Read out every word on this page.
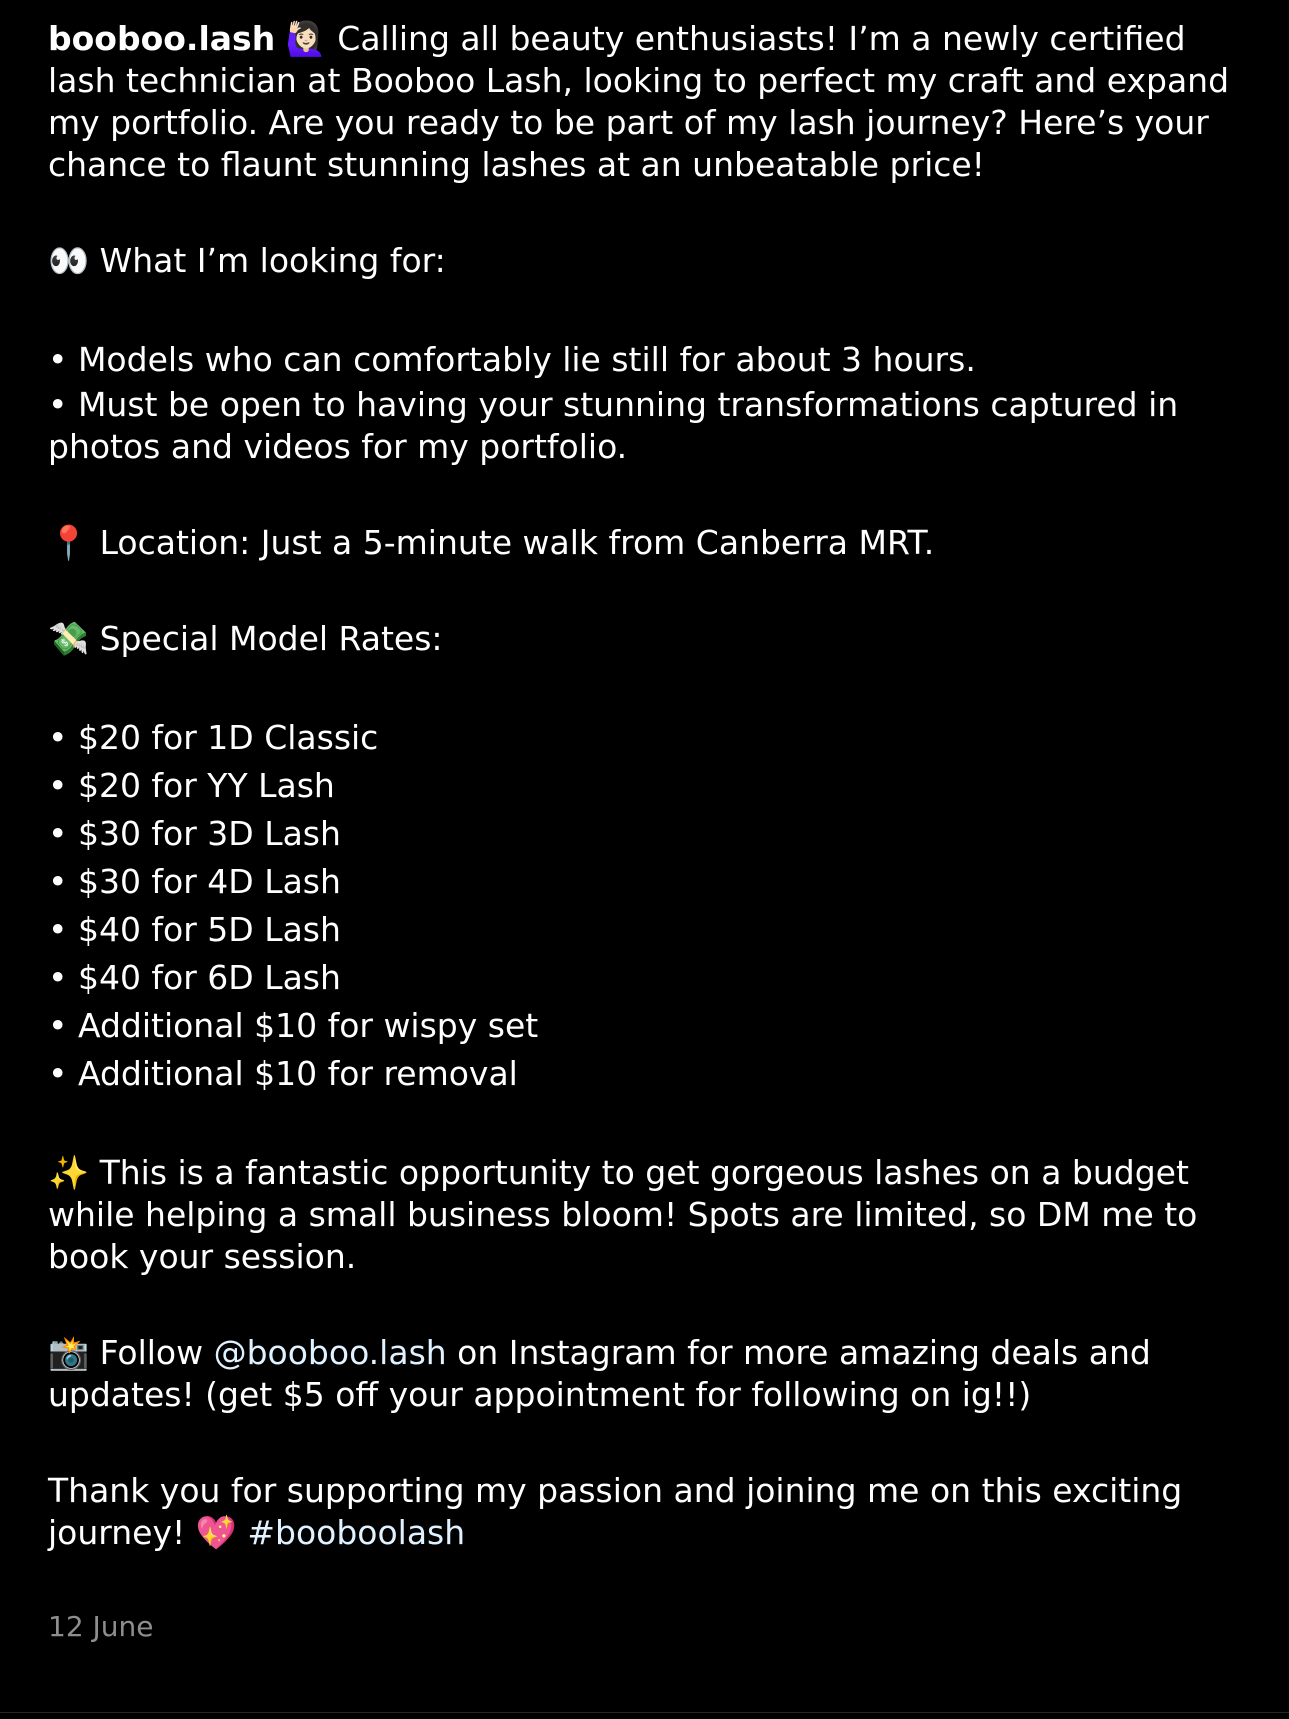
booboo.lash 🙋🏻‍♀️ Calling all beauty enthusiasts! I’m a newly certified lash technician at Booboo Lash, looking to perfect my craft and expand my portfolio. Are you ready to be part of my lash journey? Here’s your chance to flaunt stunning lashes at an unbeatable price!

👀 What I’m looking for:

• Models who can comfortably lie still for about 3 hours.

• Must be open to having your stunning transformations captured in photos and videos for my portfolio.

📍 Location: Just a 5-minute walk from Canberra MRT.

💸 Special Model Rates:

• $20 for 1D Classic

• $20 for YY Lash

• $30 for 3D Lash

• $30 for 4D Lash

• $40 for 5D Lash

• $40 for 6D Lash

• Additional $10 for wispy set

• Additional $10 for removal

✨ This is a fantastic opportunity to get gorgeous lashes on a budget while helping a small business bloom! Spots are limited, so DM me to book your session.

📸 Follow @booboo.lash on Instagram for more amazing deals and updates! (get $5 off your appointment for following on ig!!)

Thank you for supporting my passion and joining me on this exciting journey! 💖 #booboolash

12 June
